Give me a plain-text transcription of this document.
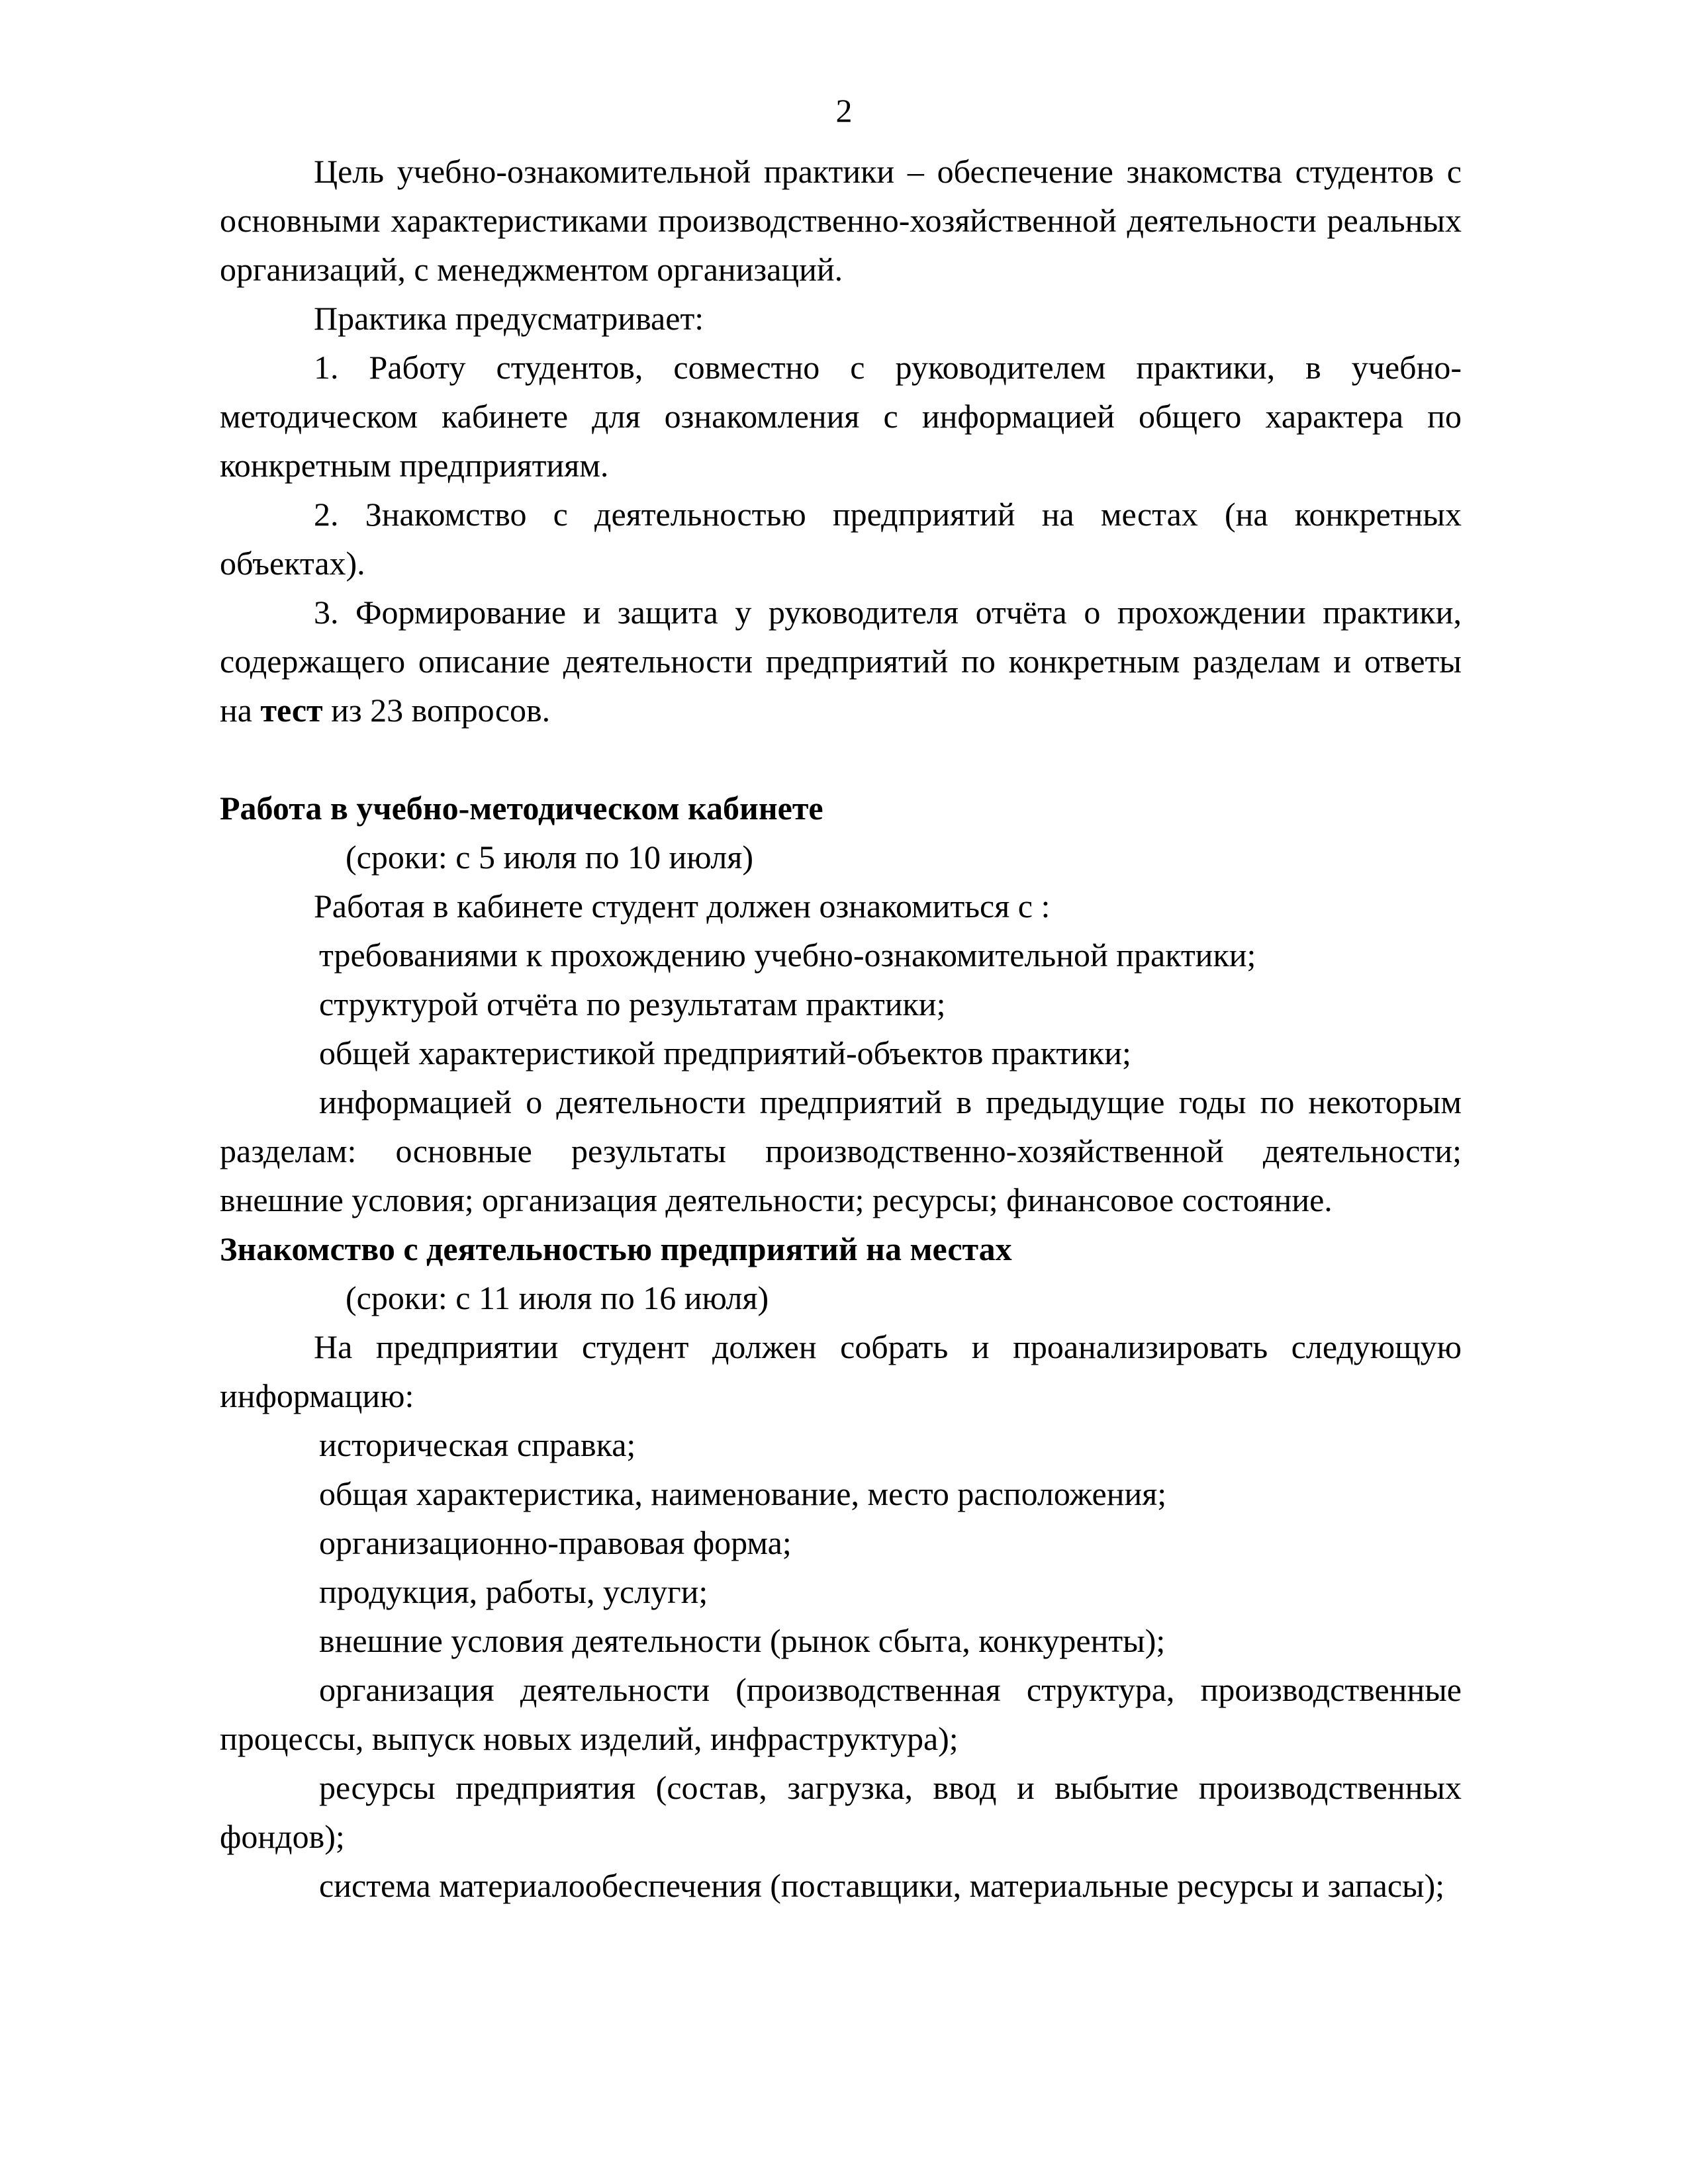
2

Цель учебно-ознакомительной практики – обеспечение знакомства студентов с основными характеристиками производственно-хозяйственной деятельности реальных организаций, с менеджментом организаций.

Практика предусматривает:

1. Работу студентов, совместно с руководителем практики, в учебно-методическом кабинете для ознакомления с информацией общего характера по конкретным предприятиям.

2. Знакомство с деятельностью предприятий на местах (на конкретных объектах).

3. Формирование и защита у руководителя отчёта о прохождении практики, содержащего описание деятельности предприятий по конкретным разделам и ответы на тест из 23 вопросов.

Работа в учебно-методическом кабинете

(сроки: с 5 июля по 10 июля)

Работая в кабинете студент должен ознакомиться с :

требованиями к прохождению учебно-ознакомительной практики;

структурой отчёта по результатам практики;

общей характеристикой предприятий-объектов практики;

информацией о деятельности предприятий в предыдущие годы по некоторым разделам: основные результаты производственно-хозяйственной деятельности; внешние условия; организация деятельности; ресурсы; финансовое состояние.

Знакомство с деятельностью предприятий на местах

(сроки: с 11 июля по 16 июля)

На предприятии студент должен собрать и проанализировать следующую информацию:

историческая справка;

общая характеристика, наименование, место расположения;

организационно-правовая форма;

продукция, работы, услуги;

внешние условия деятельности (рынок сбыта, конкуренты);

организация деятельности (производственная структура, производственные процессы, выпуск новых изделий, инфраструктура);

ресурсы предприятия (состав, загрузка, ввод и выбытие производственных фондов);

система материалообеспечения (поставщики, материальные ресурсы и запасы);
